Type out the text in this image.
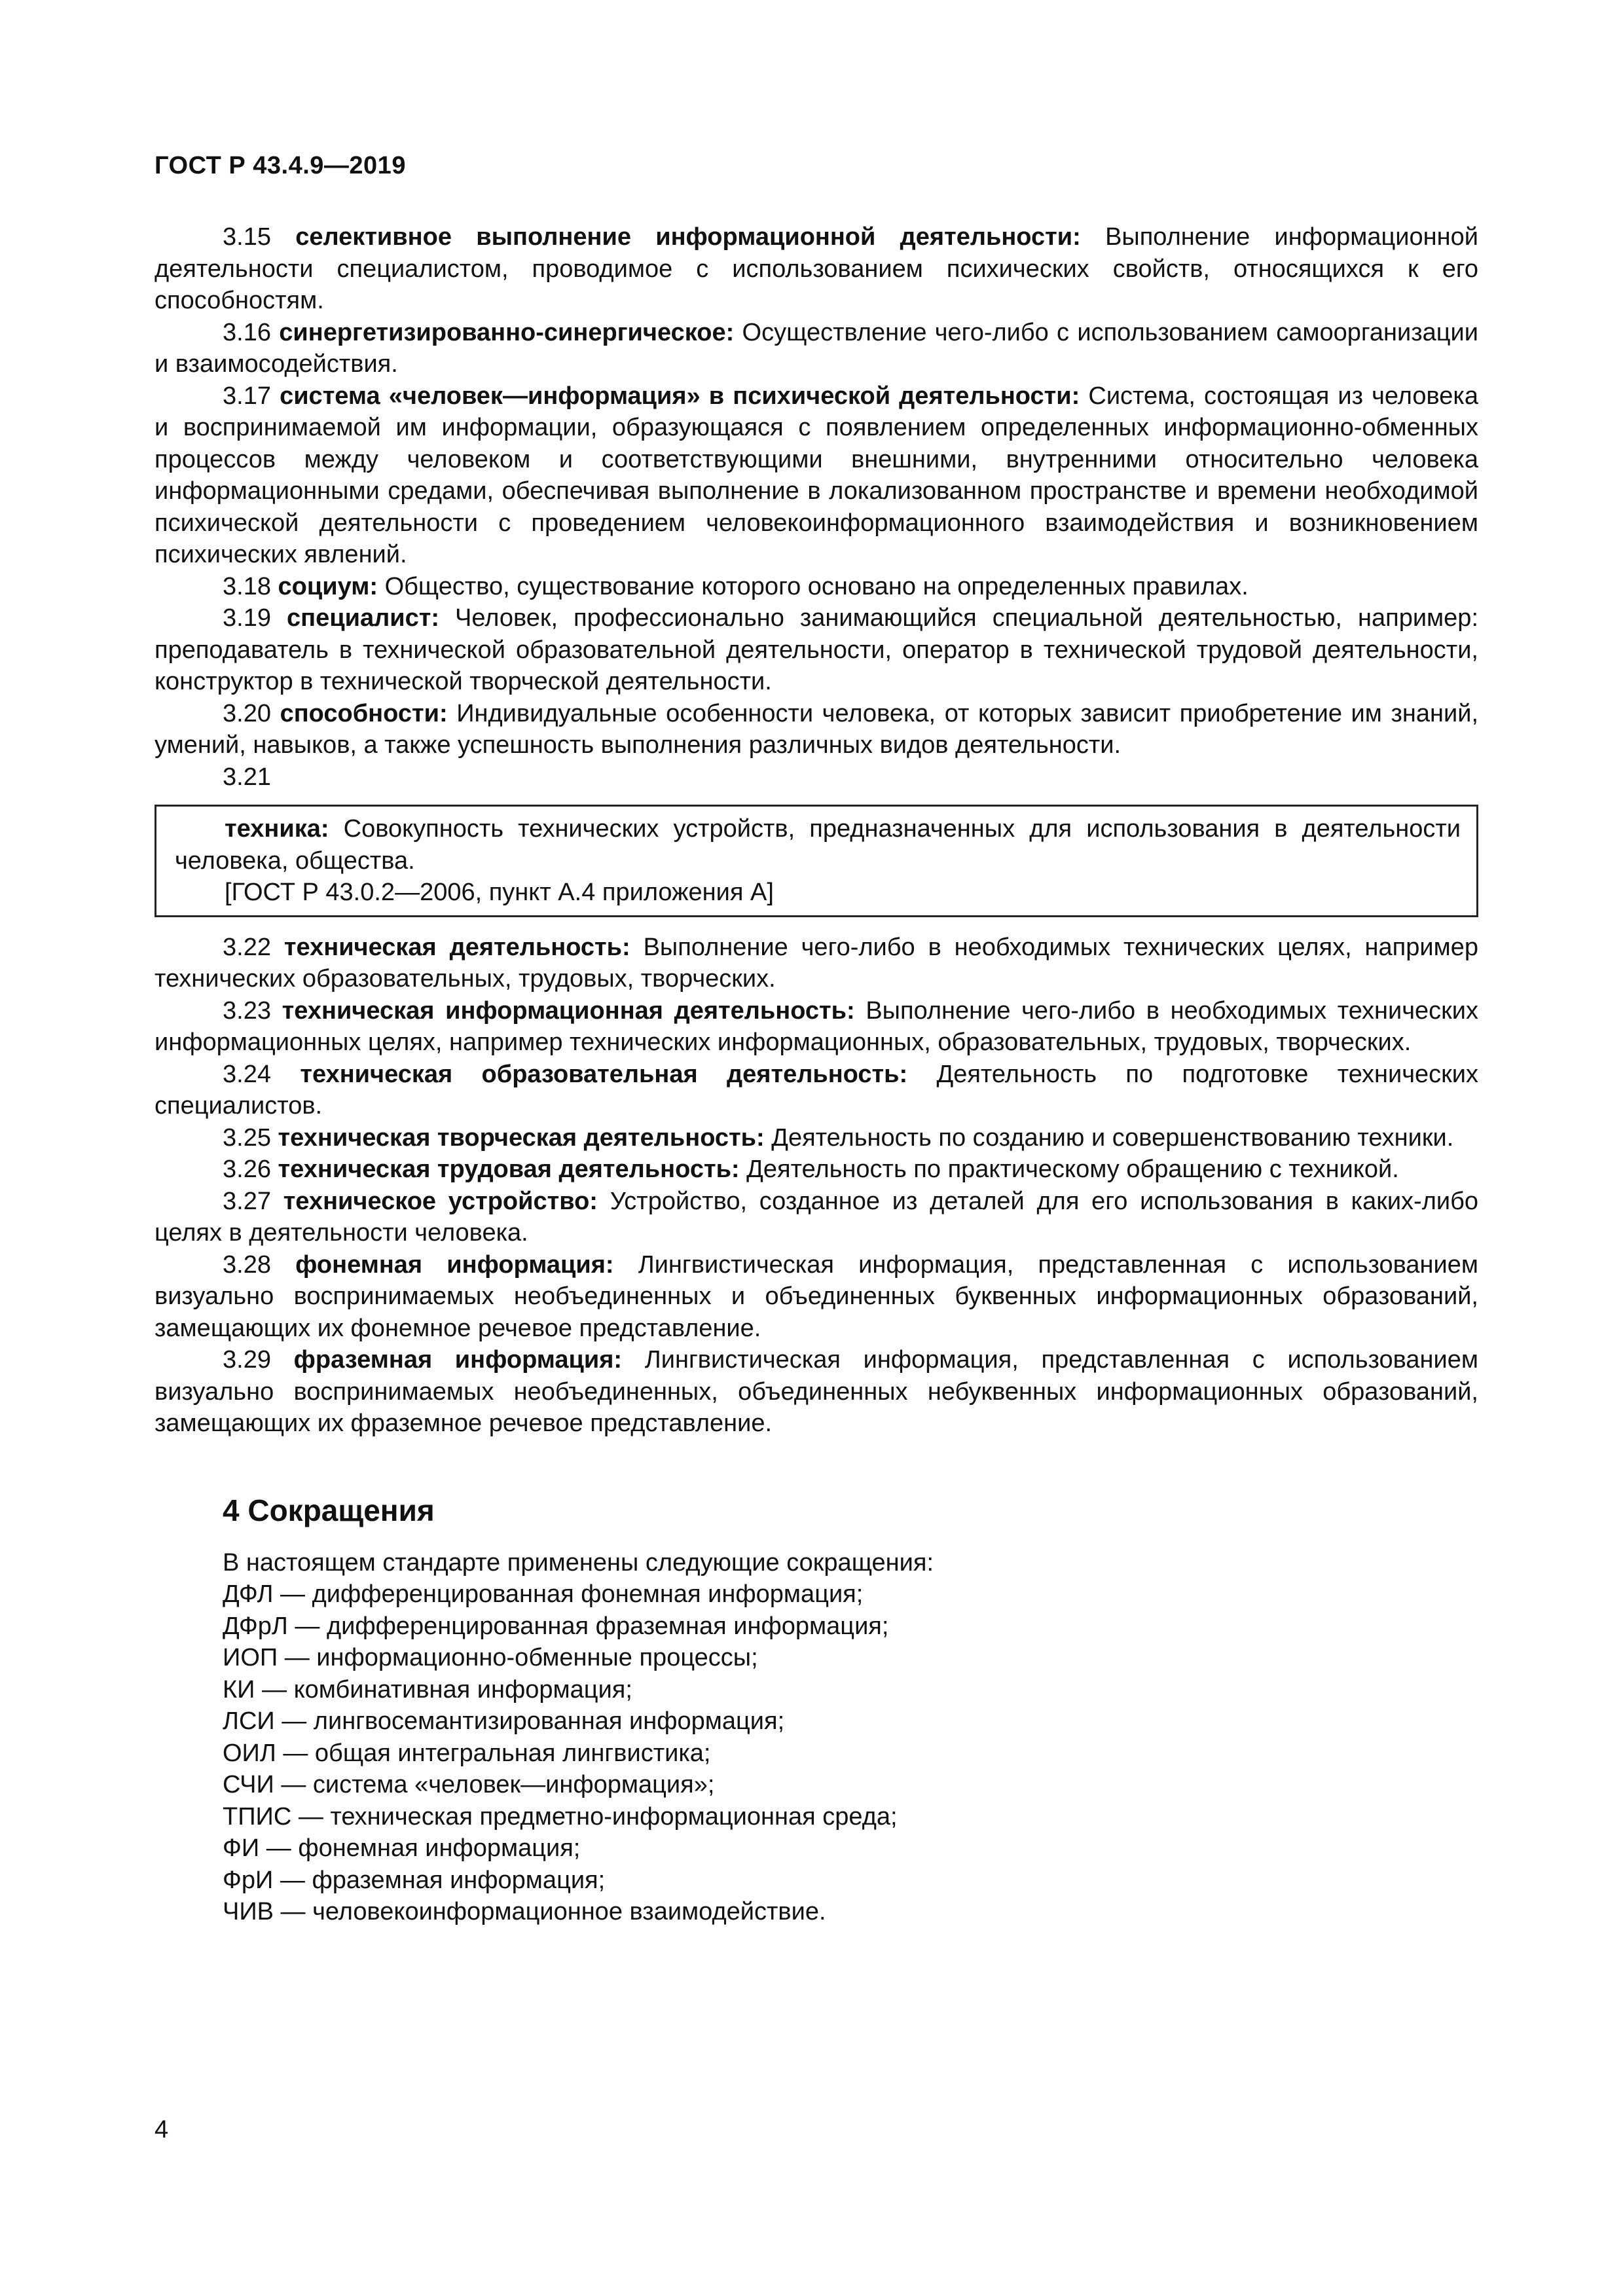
ГОСТ Р 43.4.9—2019

3.15 селективное выполнение информационной деятельности: Выполнение информационной деятельности специалистом, проводимое с использованием психических свойств, относящихся к его способностям.

3.16 синергетизированно-синергическое: Осуществление чего-либо с использованием самоорганизации и взаимосодействия.

3.17 система «человек—информация» в психической деятельности: Система, состоящая из человека и воспринимаемой им информации, образующаяся с появлением определенных информационно-обменных процессов между человеком и соответствующими внешними, внутренними относительно человека информационными средами, обеспечивая выполнение в локализованном пространстве и времени необходимой психической деятельности с проведением человекоинформационного взаимодействия и возникновением психических явлений.

3.18 социум: Общество, существование которого основано на определенных правилах.

3.19 специалист: Человек, профессионально занимающийся специальной деятельностью, например: преподаватель в технической образовательной деятельности, оператор в технической трудовой деятельности, конструктор в технической творческой деятельности.

3.20 способности: Индивидуальные особенности человека, от которых зависит приобретение им знаний, умений, навыков, а также успешность выполнения различных видов деятельности.

3.21

техника: Совокупность технических устройств, предназначенных для использования в деятельности человека, общества.

[ГОСТ Р 43.0.2—2006, пункт А.4 приложения А]

3.22 техническая деятельность: Выполнение чего-либо в необходимых технических целях, например технических образовательных, трудовых, творческих.

3.23 техническая информационная деятельность: Выполнение чего-либо в необходимых технических информационных целях, например технических информационных, образовательных, трудовых, творческих.

3.24 техническая образовательная деятельность: Деятельность по подготовке технических специалистов.

3.25 техническая творческая деятельность: Деятельность по созданию и совершенствованию техники.

3.26 техническая трудовая деятельность: Деятельность по практическому обращению с техникой.

3.27 техническое устройство: Устройство, созданное из деталей для его использования в каких-либо целях в деятельности человека.

3.28 фонемная информация: Лингвистическая информация, представленная с использованием визуально воспринимаемых необъединенных и объединенных буквенных информационных образований, замещающих их фонемное речевое представление.

3.29 фраземная информация: Лингвистическая информация, представленная с использованием визуально воспринимаемых необъединенных, объединенных небуквенных информационных образований, замещающих их фраземное речевое представление.

4 Сокращения

В настоящем стандарте применены следующие сокращения:

ДФЛ — дифференцированная фонемная информация;
ДФрЛ — дифференцированная фраземная информация;
ИОП — информационно-обменные процессы;
КИ — комбинативная информация;
ЛСИ — лингвосемантизированная информация;
ОИЛ — общая интегральная лингвистика;
СЧИ — система «человек—информация»;
ТПИС — техническая предметно-информационная среда;
ФИ — фонемная информация;
ФрИ — фраземная информация;
ЧИВ — человекоинформационное взаимодействие.
4
